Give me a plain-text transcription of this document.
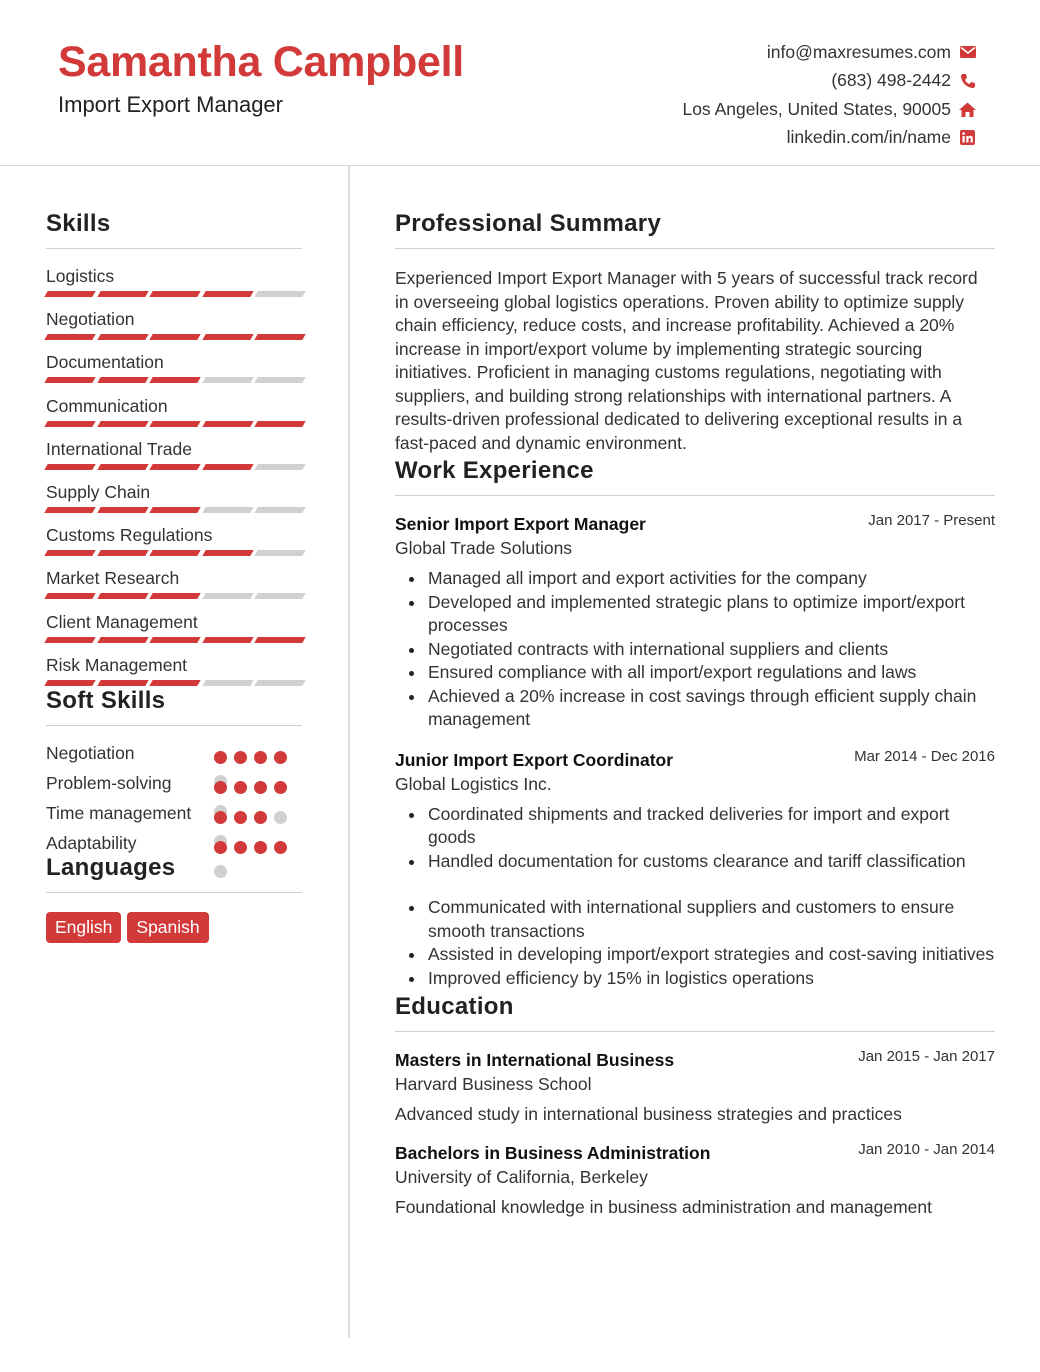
Samantha Campbell
Import Export Manager
info@maxresumes.com
(683) 498-2442
Los Angeles, United States, 90005
linkedin.com/in/name
Skills
Logistics
Negotiation
Documentation
Communication
International Trade
Supply Chain
Customs Regulations
Market Research
Client Management
Risk Management
Soft Skills
Negotiation
Problem-solving
Time management
Adaptability
Languages
English	Spanish
Professional Summary
Experienced Import Export Manager with 5 years of successful track record in overseeing global logistics operations. Proven ability to optimize supply chain efficiency, reduce costs, and increase profitability. Achieved a 20% increase in import/export volume by implementing strategic sourcing initiatives. Proficient in managing customs regulations, negotiating with suppliers, and building strong relationships with international partners. A results-driven professional dedicated to delivering exceptional results in a fast-paced and dynamic environment.
Work Experience
Senior Import Export Manager	Jan 2017 - Present
Global Trade Solutions
Managed all import and export activities for the company
Developed and implemented strategic plans to optimize import/export processes
Negotiated contracts with international suppliers and clients
Ensured compliance with all import/export regulations and laws
Achieved a 20% increase in cost savings through efficient supply chain management
Junior Import Export Coordinator	Mar 2014 - Dec 2016
Global Logistics Inc.
Coordinated shipments and tracked deliveries for import and export goods
Handled documentation for customs clearance and tariff classification
Communicated with international suppliers and customers to ensure smooth transactions
Assisted in developing import/export strategies and cost-saving initiatives
Improved efficiency by 15% in logistics operations
Education
Masters in International Business	Jan 2015 - Jan 2017
Harvard Business School
Advanced study in international business strategies and practices
Bachelors in Business Administration	Jan 2010 - Jan 2014
University of California, Berkeley
Foundational knowledge in business administration and management
